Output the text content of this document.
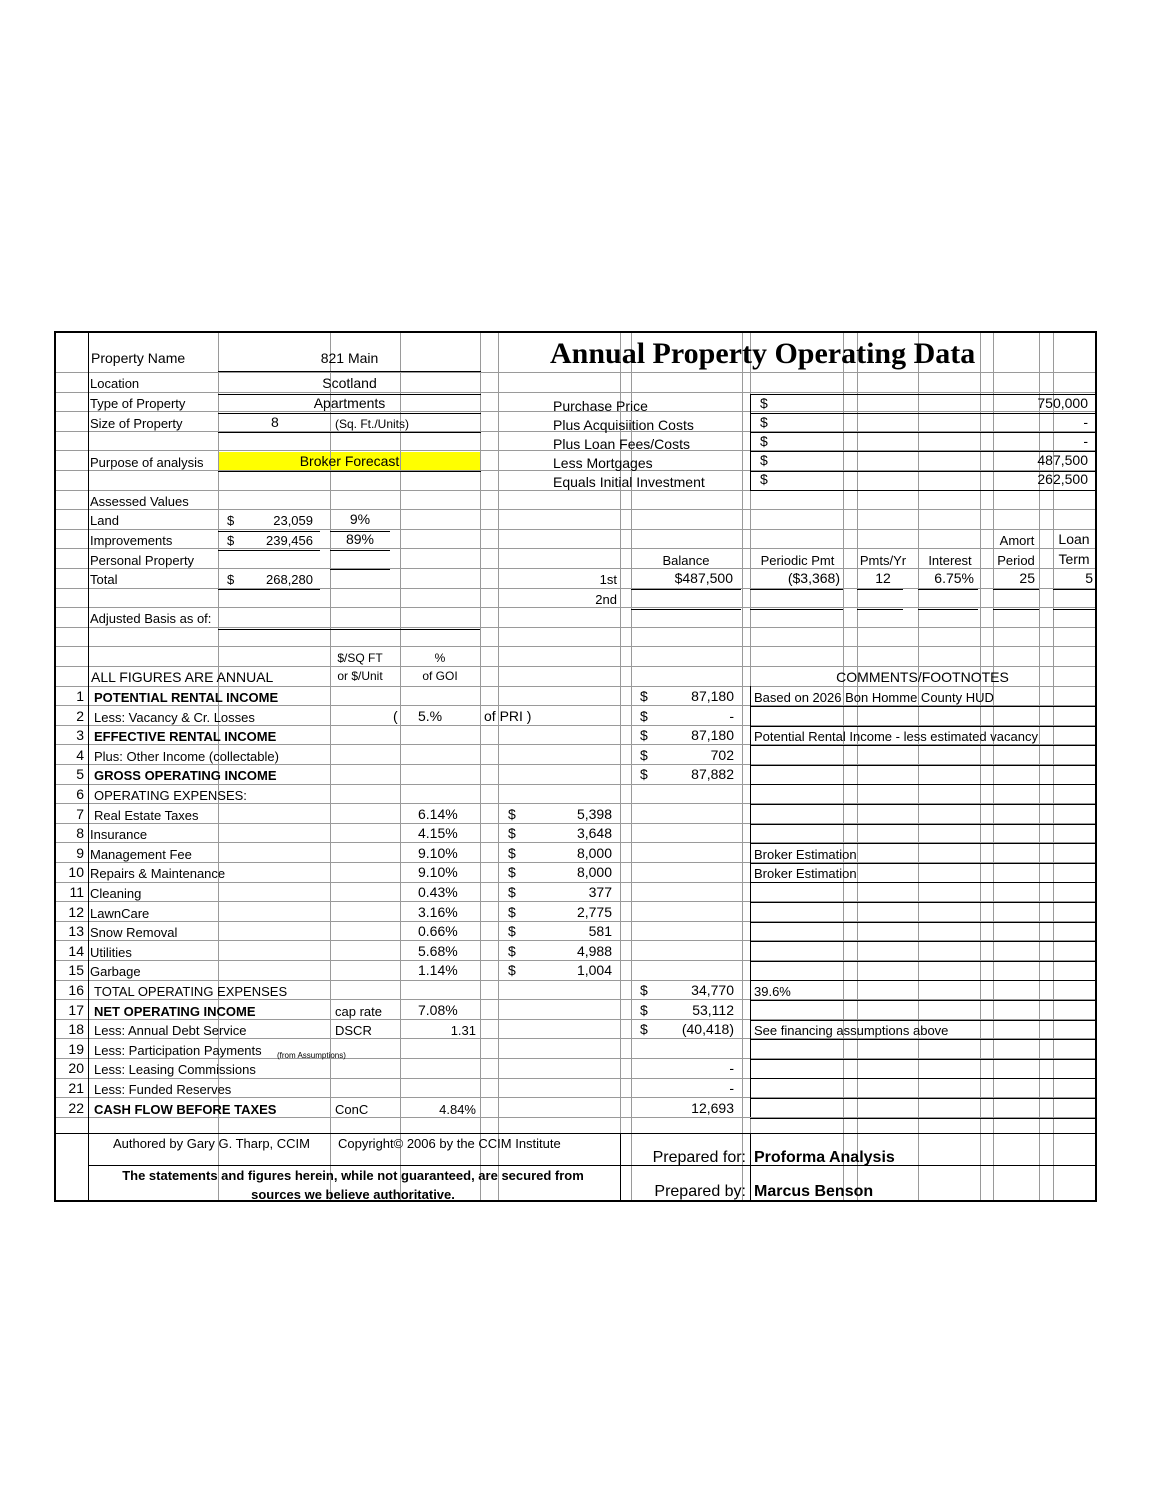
Annual Property Operating Data
Property Name	821 Main
Location	Scotland
Type of Property	Apartments
Size of Property	8	(Sq. Ft./Units)
Purpose of analysis	Broker Forecast
Purchase Price	$	750,000
Plus Acquisiition Costs	$	-
Plus Loan Fees/Costs	$	-
Less Mortgages	$	487,500
Equals Initial Investment	$	262,500
Assessed Values
Land	$	23,059	9%
Improvements	$	239,456	89%
Personal Property
Total	$	268,280
Adjusted Basis as of:
Amort	Loan
Balance	Periodic Pmt	Pmts/Yr	Interest	Period	Term
1st	$487,500	($3,368)	12	6.75%	25	5
2nd
$/SQ FT
or $/Unit
%
of GOI
ALL FIGURES ARE ANNUAL	COMMENTS/FOOTNOTES
1 POTENTIAL RENTAL INCOME	$	87,180 Based on 2026 Bon Homme County HUD
2 Less: Vacancy & Cr. Losses	( 5.%	of PRI )	$	-
3 EFFECTIVE RENTAL INCOME	$	87,180 Potential Rental Income - less estimated vacancy
4 Plus: Other Income (collectable)	$	702
5 GROSS OPERATING INCOME	$	87,882
6 OPERATING EXPENSES:
7 Real Estate Taxes	6.14%	$	5,398
8 Insurance	4.15%	$	3,648
9 Management Fee	9.10%	$	8,000	Broker Estimation
10 Repairs & Maintenance	9.10%	$	8,000	Broker Estimation
11 Cleaning	0.43%	$	377
12 LawnCare	3.16%	$	2,775
13 Snow Removal	0.66%	$	581
14 Utilities	5.68%	$	4,988
15 Garbage	1.14%	$	1,004
16 TOTAL OPERATING EXPENSES	$	34,770 39.6%
17 NET OPERATING INCOME	cap rate	7.08%	$	53,112
18 Less: Annual Debt Service	DSCR	1.31	$	(40,418) See financing assumptions above
19 Less: Participation Payments (from Assumptions)
20 Less: Leasing Commissions	-
21 Less: Funded Reserves	-
22 CASH FLOW BEFORE TAXES	ConC	4.84%	12,693
Authored by Gary G. Tharp, CCIM Copyright© 2006 by the CCIM Institute
The statements and figures herein, while not guaranteed, are secured from
sources we believe authoritative.
Prepared for: Proforma Analysis
Prepared by: Marcus Benson
